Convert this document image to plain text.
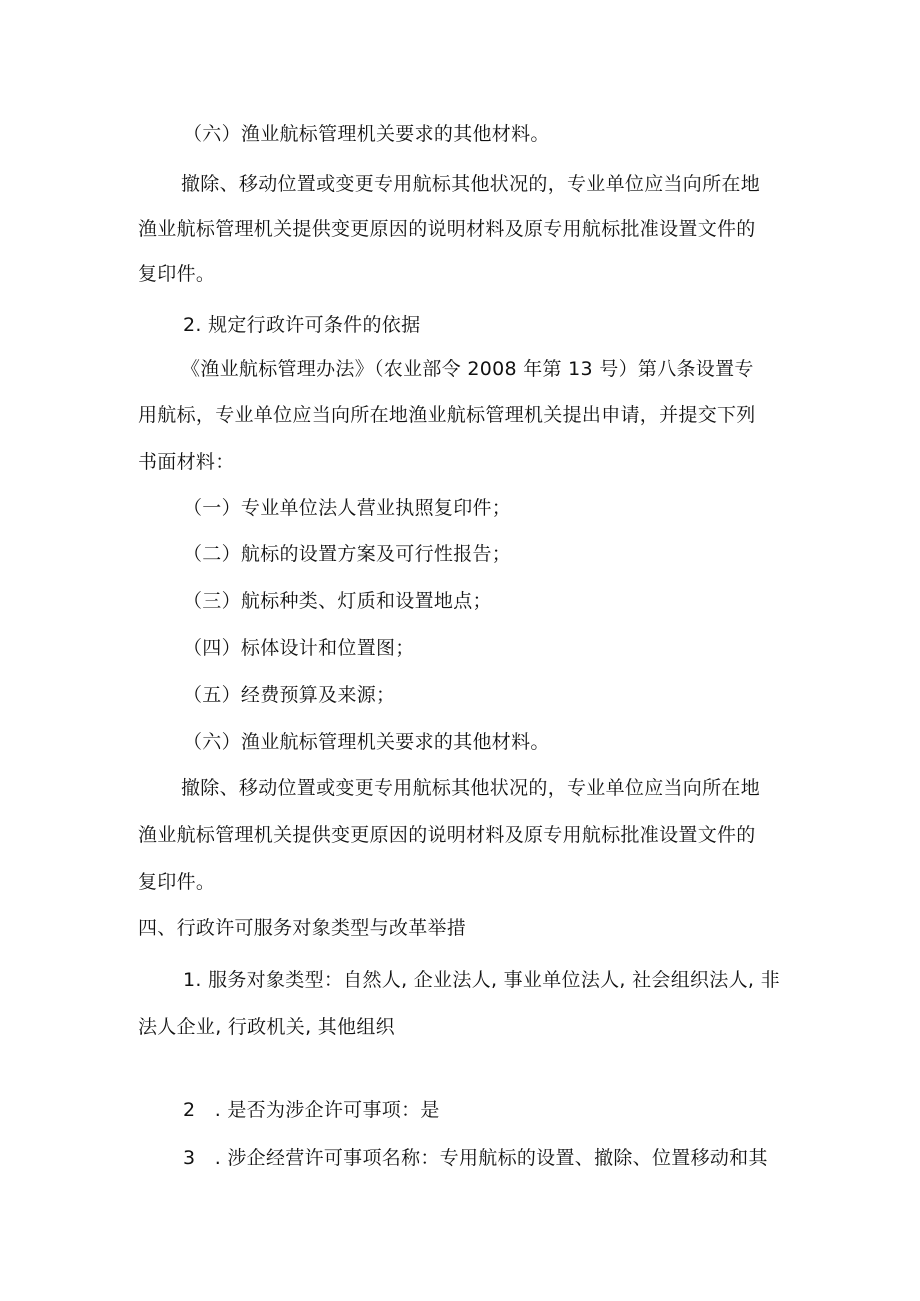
（六）渔业航标管理机关要求的其他材料。
撤除、移动位置或变更专用航标其他状况的，专业单位应当向所在地
渔业航标管理机关提供变更原因的说明材料及原专用航标批准设置文件的
复印件。
2. 规定行政许可条件的依据
《渔业航标管理办法》（农业部令 2008 年第 13 号）第八条设置专
用航标，专业单位应当向所在地渔业航标管理机关提出申请，并提交下列
书面材料：
（一）专业单位法人营业执照复印件；
（二）航标的设置方案及可行性报告；
（三）航标种类、灯质和设置地点；
（四）标体设计和位置图；
（五）经费预算及来源；
（六）渔业航标管理机关要求的其他材料。
撤除、移动位置或变更专用航标其他状况的，专业单位应当向所在地
渔业航标管理机关提供变更原因的说明材料及原专用航标批准设置文件的
复印件。
四、行政许可服务对象类型与改革举措
1. 服务对象类型：自然人, 企业法人, 事业单位法人, 社会组织法人, 非
法人企业, 行政机关, 其他组织
2　. 是否为涉企许可事项：是
3　. 涉企经营许可事项名称：专用航标的设置、撤除、位置移动和其
